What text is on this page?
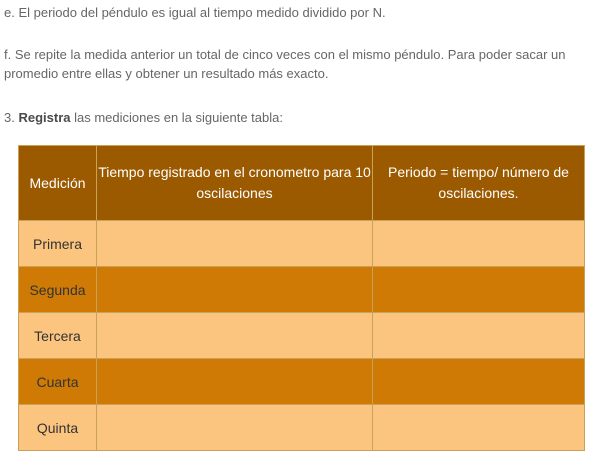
e. El periodo del péndulo es igual al tiempo medido dividido por N.

f. Se repite la medida anterior un total de cinco veces con el mismo péndulo. Para poder sacar un promedio entre ellas y obtener un resultado más exacto.

3. Registra las mediciones en la siguiente tabla:

Medición	Tiempo registrado en el cronometro para 10 oscilaciones	Periodo = tiempo/ número de oscilaciones.
Primera		
Segunda		
Tercera		
Cuarta		
Quinta		
